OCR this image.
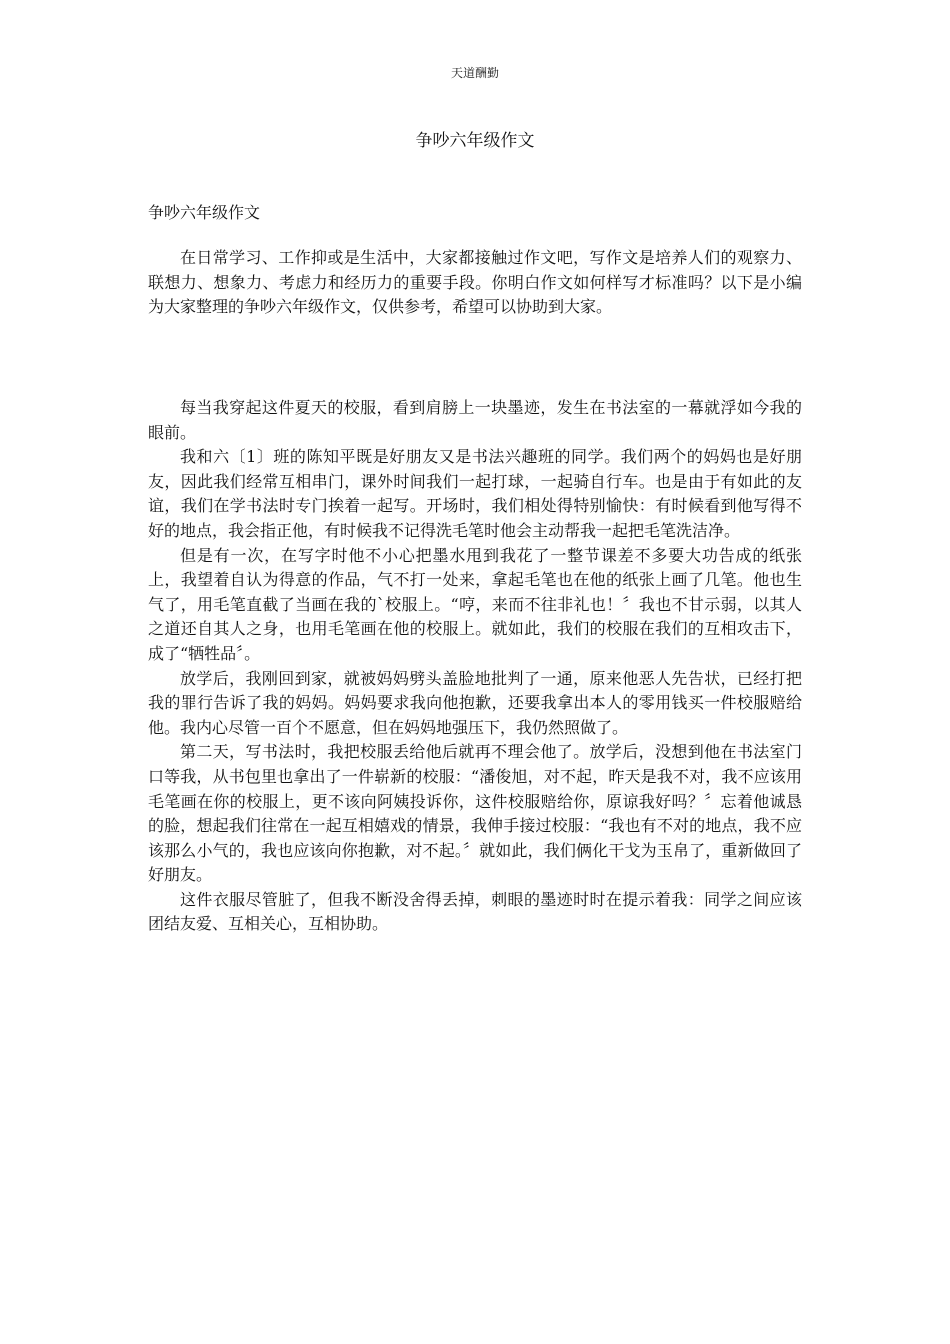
天道酬勤
争吵六年级作文
争吵六年级作文

在日常学习、工作抑或是生活中，大家都接触过作文吧，写作文是培养人们的观察力、联想力、想象力、考虑力和经历力的重要手段。你明白作文如何样写才标准吗？以下是小编为大家整理的争吵六年级作文，仅供参考，希望可以协助到大家。

每当我穿起这件夏天的校服，看到肩膀上一块墨迹，发生在书法室的一幕就浮如今我的眼前。

我和六〔1〕班的陈知平既是好朋友又是书法兴趣班的同学。我们两个的妈妈也是好朋友，因此我们经常互相串门，课外时间我们一起打球，一起骑自行车。也是由于有如此的友谊，我们在学书法时专门挨着一起写。开场时，我们相处得特别愉快：有时候看到他写得不好的地点，我会指正他，有时候我不记得洗毛笔时他会主动帮我一起把毛笔洗洁净。

但是有一次，在写字时他不小心把墨水甩到我花了一整节课差不多要大功告成的纸张上，我望着自认为得意的作品，气不打一处来，拿起毛笔也在他的纸张上画了几笔。他也生气了，用毛笔直截了当画在我的`校服上。“哼，来而不往非礼也！〞我也不甘示弱，以其人之道还自其人之身，也用毛笔画在他的校服上。就如此，我们的校服在我们的互相攻击下，成了“牺牲品〞。

放学后，我刚回到家，就被妈妈劈头盖脸地批判了一通，原来他恶人先告状，已经打把我的罪行告诉了我的妈妈。妈妈要求我向他抱歉，还要我拿出本人的零用钱买一件校服赔给他。我内心尽管一百个不愿意，但在妈妈地强压下，我仍然照做了。

第二天，写书法时，我把校服丢给他后就再不理会他了。放学后，没想到他在书法室门口等我，从书包里也拿出了一件崭新的校服：“潘俊旭，对不起，昨天是我不对，我不应该用毛笔画在你的校服上，更不该向阿姨投诉你，这件校服赔给你，原谅我好吗？〞忘着他诚恳的脸，想起我们往常在一起互相嬉戏的情景，我伸手接过校服：“我也有不对的地点，我不应该那么小气的，我也应该向你抱歉，对不起。〞就如此，我们俩化干戈为玉帛了，重新做回了好朋友。

这件衣服尽管脏了，但我不断没舍得丢掉，刺眼的墨迹时时在提示着我：同学之间应该团结友爱、互相关心，互相协助。
